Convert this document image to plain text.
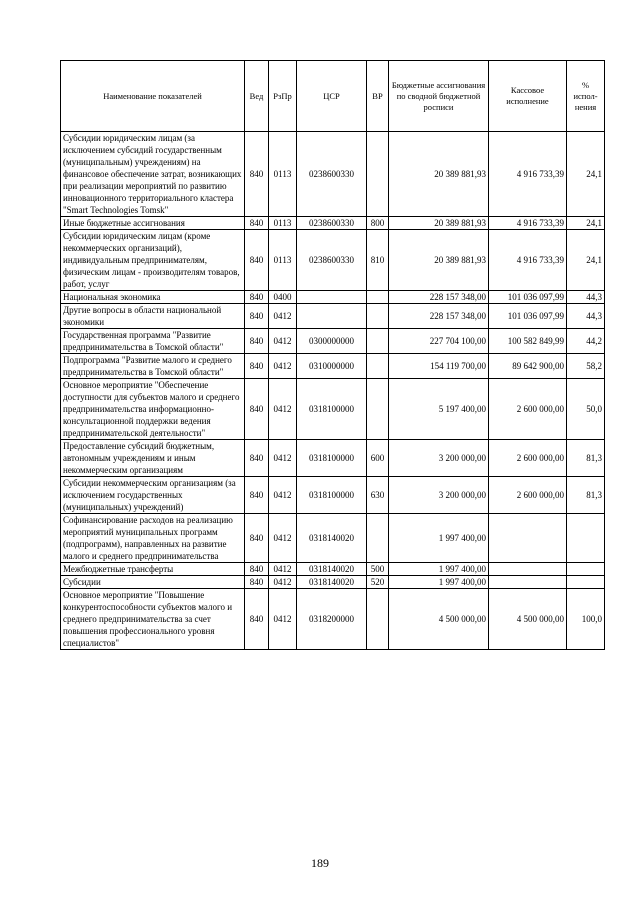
Наименование показателей	Вед	РзПр	ЦСР	ВР	Бюджетные ассигнования по сводной бюджетной росписи	Кассовое исполнение	% испол-нения
Субсидии юридическим лицам (за исключением субсидий государственным (муниципальным) учреждениям) на финансовое обеспечение затрат, возникающих при реализации мероприятий по развитию инновационного территориального кластера "Smart Technologies Tomsk"	840	0113	0238600330		20 389 881,93	4 916 733,39	24,1
Иные бюджетные ассигнования	840	0113	0238600330	800	20 389 881,93	4 916 733,39	24,1
Субсидии юридическим лицам (кроме некоммерческих организаций), индивидуальным предпринимателям, физическим лицам - производителям товаров, работ, услуг	840	0113	0238600330	810	20 389 881,93	4 916 733,39	24,1
Национальная экономика	840	0400			228 157 348,00	101 036 097,99	44,3
Другие вопросы в области национальной экономики	840	0412			228 157 348,00	101 036 097,99	44,3
Государственная программа "Развитие предпринимательства в Томской области"	840	0412	0300000000		227 704 100,00	100 582 849,99	44,2
Подпрограмма "Развитие малого и среднего предпринимательства в Томской области"	840	0412	0310000000		154 119 700,00	89 642 900,00	58,2
Основное мероприятие "Обеспечение доступности для субъектов малого и среднего предпринимательства информационно-консультационной поддержки ведения предпринимательской деятельности"	840	0412	0318100000		5 197 400,00	2 600 000,00	50,0
Предоставление субсидий бюджетным, автономным учреждениям и иным некоммерческим организациям	840	0412	0318100000	600	3 200 000,00	2 600 000,00	81,3
Субсидии некоммерческим организациям (за исключением государственных (муниципальных) учреждений)	840	0412	0318100000	630	3 200 000,00	2 600 000,00	81,3
Софинансирование расходов на реализацию мероприятий муниципальных программ (подпрограмм), направленных на развитие малого и среднего предпринимательства	840	0412	0318140020		1 997 400,00		
Межбюджетные трансферты	840	0412	0318140020	500	1 997 400,00		
Субсидии	840	0412	0318140020	520	1 997 400,00		
Основное мероприятие "Повышение конкурентоспособности субъектов малого и среднего предпринимательства за счет повышения профессионального уровня специалистов"	840	0412	0318200000		4 500 000,00	4 500 000,00	100,0
189
